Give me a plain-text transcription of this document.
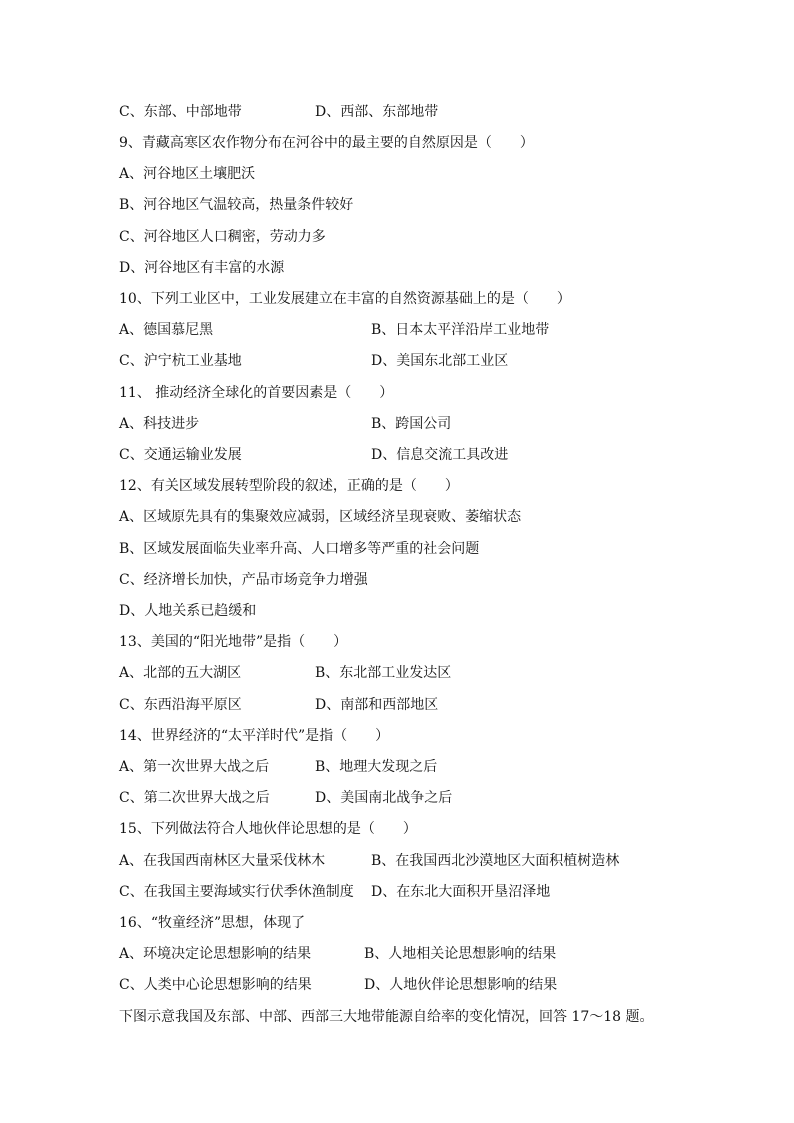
C、东部、中部地带	D、西部、东部地带
9、青藏高寒区农作物分布在河谷中的最主要的自然原因是（　　）
A、河谷地区土壤肥沃
B、河谷地区气温较高，热量条件较好
C、河谷地区人口稠密，劳动力多
D、河谷地区有丰富的水源
10、下列工业区中，工业发展建立在丰富的自然资源基础上的是（　　）
A、德国慕尼黑	B、日本太平洋沿岸工业地带
C、沪宁杭工业基地	D、美国东北部工业区
11、 推动经济全球化的首要因素是（　　）
A、科技进步	B、跨国公司
C、交通运输业发展	D、信息交流工具改进
12、有关区域发展转型阶段的叙述，正确的是（　　）
A、区域原先具有的集聚效应减弱，区域经济呈现衰败、萎缩状态
B、区域发展面临失业率升高、人口增多等严重的社会问题
C、经济增长加快，产品市场竞争力增强
D、人地关系已趋缓和
13、美国的“阳光地带”是指（　　）
A、北部的五大湖区	B、东北部工业发达区
C、东西沿海平原区	D、南部和西部地区
14、世界经济的“太平洋时代”是指（　　）
A、第一次世界大战之后	B、地理大发现之后
C、第二次世界大战之后	D、美国南北战争之后
15、下列做法符合人地伙伴论思想的是（　　）
A、在我国西南林区大量采伐林木	B、在我国西北沙漠地区大面积植树造林
C、在我国主要海域实行伏季休渔制度 D、在东北大面积开垦沼泽地
16、“牧童经济”思想，体现了
A、环境决定论思想影响的结果	B、人地相关论思想影响的结果
C、人类中心论思想影响的结果	D、人地伙伴论思想影响的结果
下图示意我国及东部、中部、西部三大地带能源自给率的变化情况，回答 17～18 题。
